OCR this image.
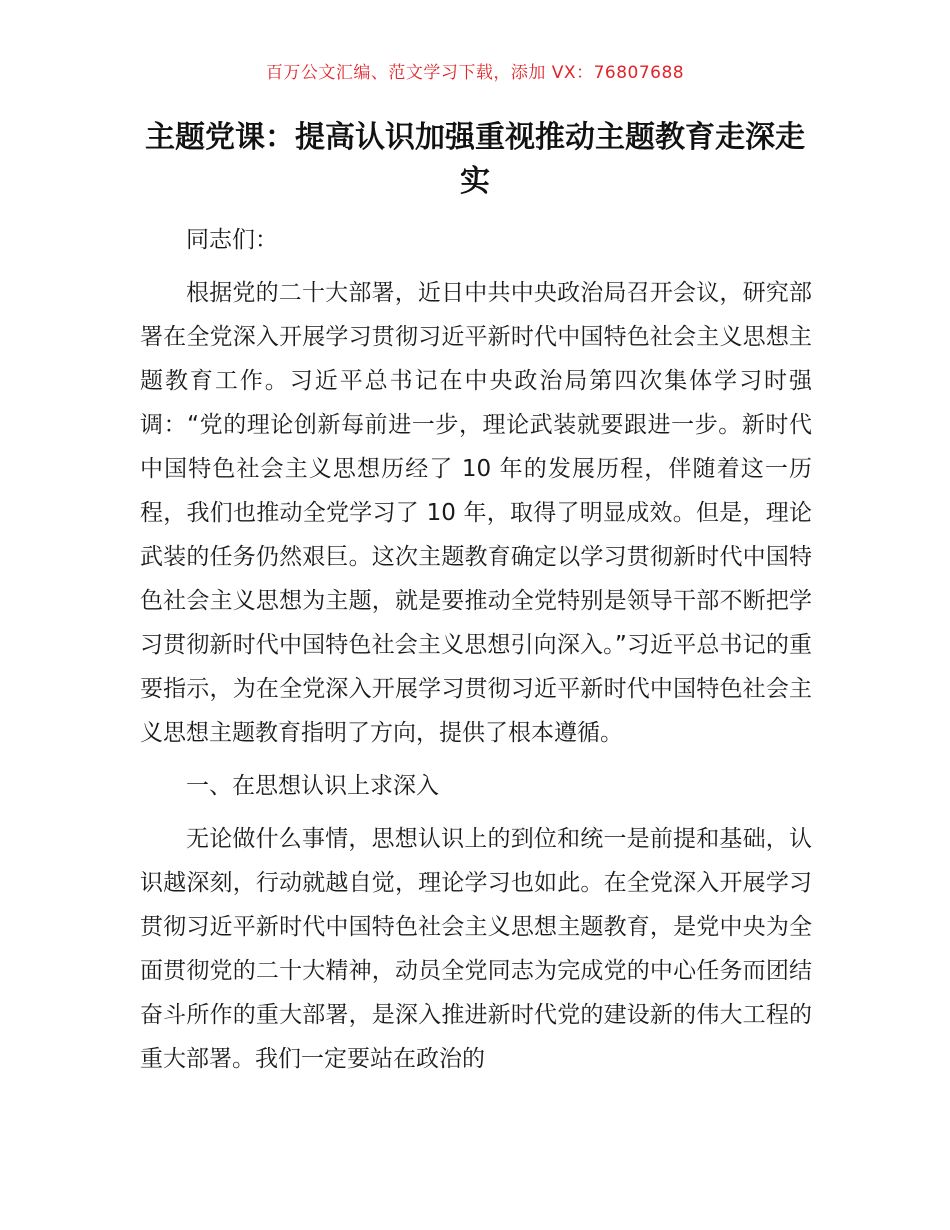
百万公文汇编、范文学习下载，添加 VX：76807688
主题党课：提高认识加强重视推动主题教育走深走实

同志们：

根据党的二十大部署，近日中共中央政治局召开会议，研究部署在全党深入开展学习贯彻习近平新时代中国特色社会主义思想主题教育工作。习近平总书记在中央政治局第四次集体学习时强调：“党的理论创新每前进一步，理论武装就要跟进一步。新时代中国特色社会主义思想历经了 10 年的发展历程，伴随着这一历程，我们也推动全党学习了 10 年，取得了明显成效。但是，理论武装的任务仍然艰巨。这次主题教育确定以学习贯彻新时代中国特色社会主义思想为主题，就是要推动全党特别是领导干部不断把学习贯彻新时代中国特色社会主义思想引向深入。”习近平总书记的重要指示，为在全党深入开展学习贯彻习近平新时代中国特色社会主义思想主题教育指明了方向，提供了根本遵循。

一、在思想认识上求深入

无论做什么事情，思想认识上的到位和统一是前提和基础，认识越深刻，行动就越自觉，理论学习也如此。在全党深入开展学习贯彻习近平新时代中国特色社会主义思想主题教育，是党中央为全面贯彻党的二十大精神，动员全党同志为完成党的中心任务而团结奋斗所作的重大部署，是深入推进新时代党的建设新的伟大工程的重大部署。我们一定要站在政治的
